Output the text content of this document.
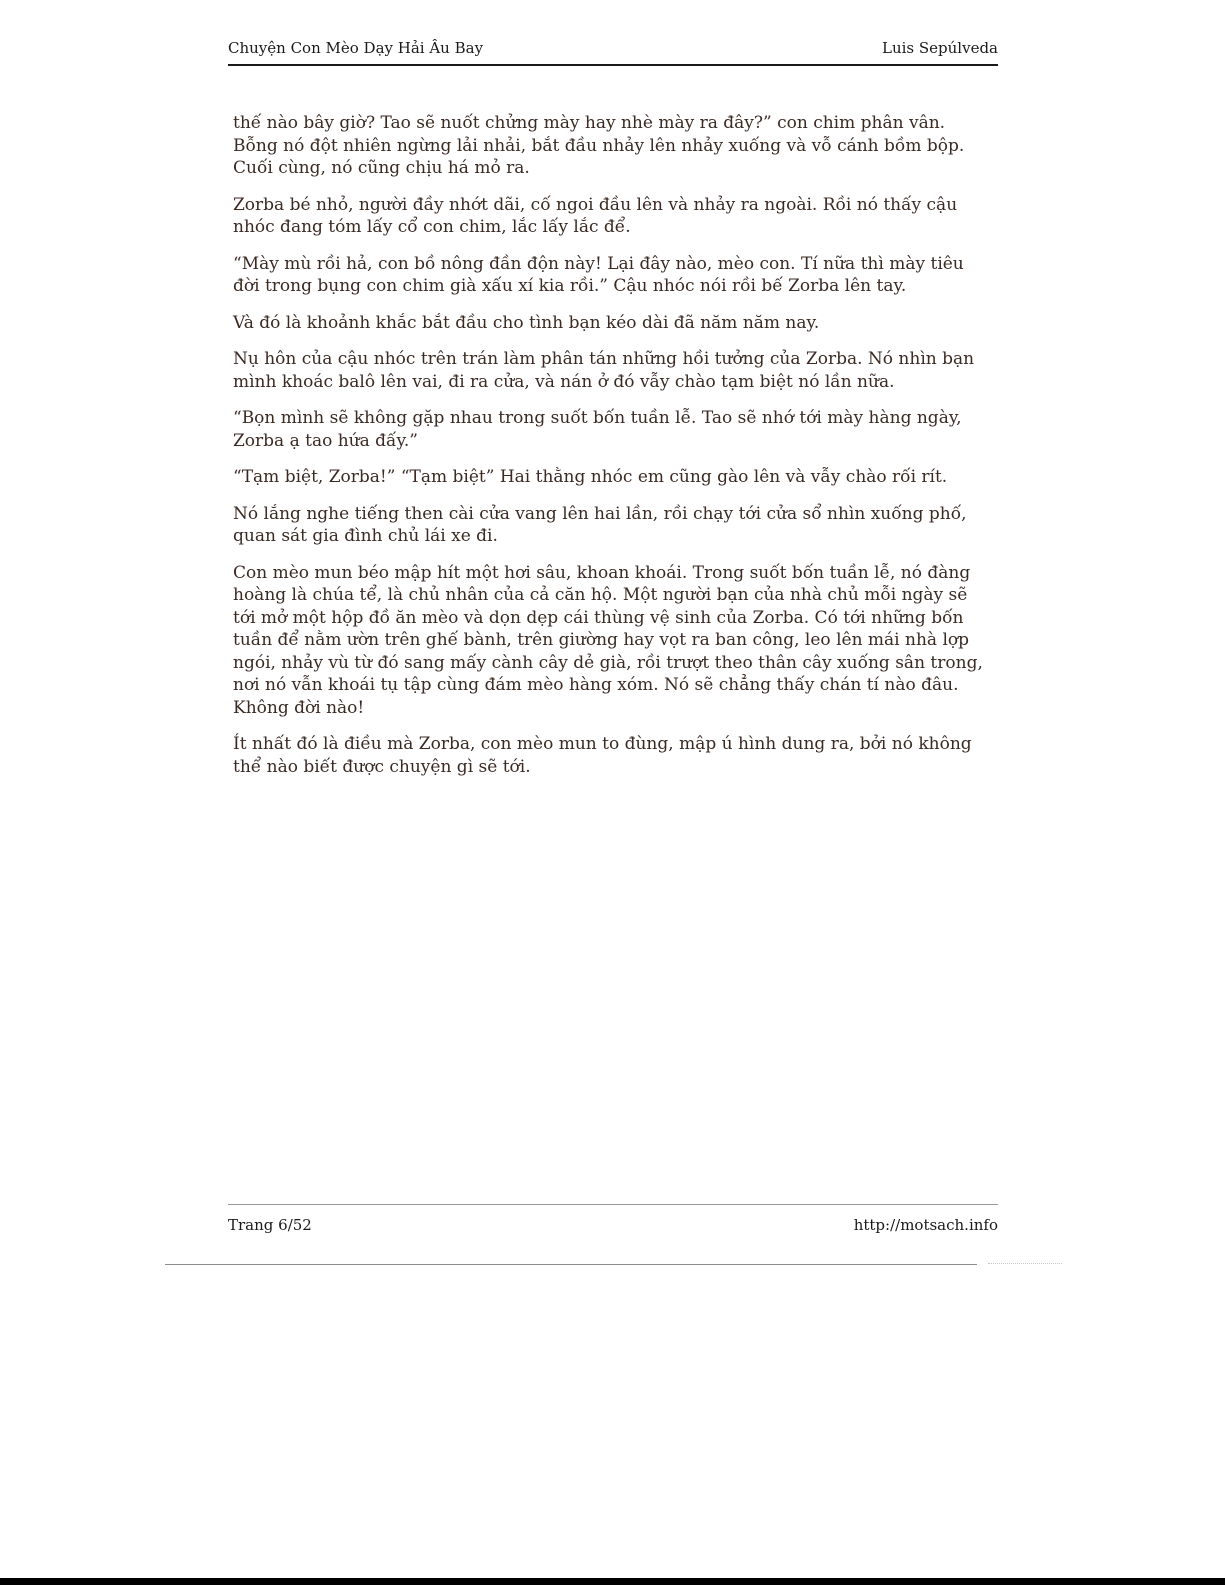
Chuyện Con Mèo Dạy Hải Âu Bay	Luis Sepúlveda

thế nào bây giờ? Tao sẽ nuốt chửng mày hay nhè mày ra đây?” con chim phân vân. Bỗng nó đột nhiên ngừng lải nhải, bắt đầu nhảy lên nhảy xuống và vỗ cánh bồm bộp. Cuối cùng, nó cũng chịu há mỏ ra.

Zorba bé nhỏ, người đầy nhớt dãi, cố ngoi đầu lên và nhảy ra ngoài. Rồi nó thấy cậu nhóc đang tóm lấy cổ con chim, lắc lấy lắc để.

“Mày mù rồi hả, con bồ nông đần độn này! Lại đây nào, mèo con. Tí nữa thì mày tiêu đời trong bụng con chim già xấu xí kia rồi.” Cậu nhóc nói rồi bế Zorba lên tay.

Và đó là khoảnh khắc bắt đầu cho tình bạn kéo dài đã năm năm nay.

Nụ hôn của cậu nhóc trên trán làm phân tán những hồi tưởng của Zorba. Nó nhìn bạn mình khoác balô lên vai, đi ra cửa, và nán ở đó vẫy chào tạm biệt nó lần nữa.

“Bọn mình sẽ không gặp nhau trong suốt bốn tuần lễ. Tao sẽ nhớ tới mày hàng ngày, Zorba ạ tao hứa đấy.”

“Tạm biệt, Zorba!” “Tạm biệt” Hai thằng nhóc em cũng gào lên và vẫy chào rối rít.

Nó lắng nghe tiếng then cài cửa vang lên hai lần, rồi chạy tới cửa sổ nhìn xuống phố, quan sát gia đình chủ lái xe đi.

Con mèo mun béo mập hít một hơi sâu, khoan khoái. Trong suốt bốn tuần lễ, nó đàng hoàng là chúa tể, là chủ nhân của cả căn hộ. Một người bạn của nhà chủ mỗi ngày sẽ tới mở một hộp đồ ăn mèo và dọn dẹp cái thùng vệ sinh của Zorba. Có tới những bốn tuần để nằm ườn trên ghế bành, trên giường hay vọt ra ban công, leo lên mái nhà lợp ngói, nhảy vù từ đó sang mấy cành cây dẻ già, rồi trượt theo thân cây xuống sân trong, nơi nó vẫn khoái tụ tập cùng đám mèo hàng xóm. Nó sẽ chẳng thấy chán tí nào đâu. Không đời nào!

Ít nhất đó là điều mà Zorba, con mèo mun to đùng, mập ú hình dung ra, bởi nó không thể nào biết được chuyện gì sẽ tới.

Trang 6/52	http://motsach.info
